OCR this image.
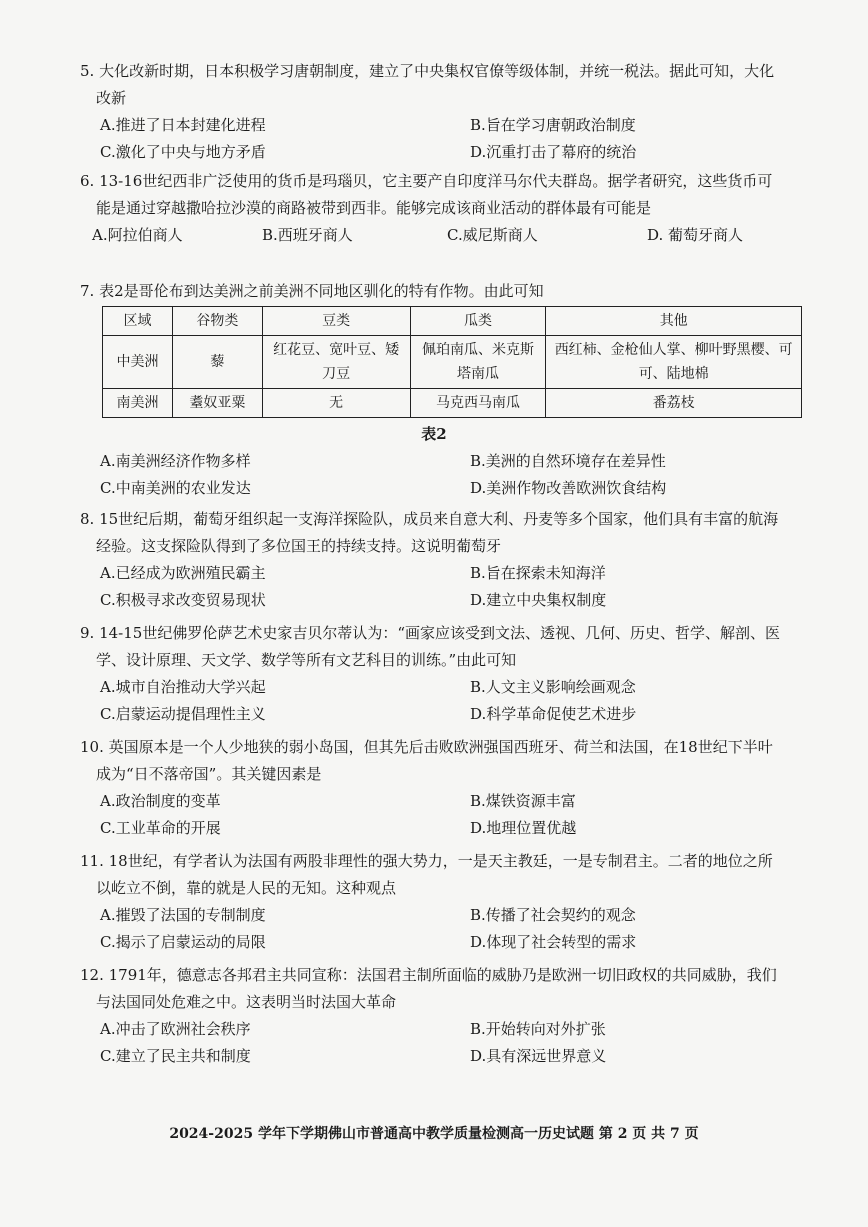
5. 大化改新时期，日本积极学习唐朝制度，建立了中央集权官僚等级体制，并统一税法。据此可知，大化改新

A.推进了日本封建化进程	B.旨在学习唐朝政治制度
C.激化了中央与地方矛盾	D.沉重打击了幕府的统治

6. 13-16世纪西非广泛使用的货币是玛瑙贝，它主要产自印度洋马尔代夫群岛。据学者研究，这些货币可能是通过穿越撒哈拉沙漠的商路被带到西非。能够完成该商业活动的群体最有可能是

A.阿拉伯商人	B.西班牙商人	C.威尼斯商人	D. 葡萄牙商人

7. 表2是哥伦布到达美洲之前美洲不同地区驯化的特有作物。由此可知

区域	谷物类	豆类	瓜类	其他
中美洲	藜	红花豆、宽叶豆、矮刀豆	佩珀南瓜、米克斯塔南瓜	西红柿、金枪仙人掌、柳叶野黑樱、可可、陆地棉
南美洲	耋奴亚粟	无	马克西马南瓜	番荔枝
表2
A.南美洲经济作物多样	B.美洲的自然环境存在差异性
C.中南美洲的农业发达	D.美洲作物改善欧洲饮食结构

8. 15世纪后期，葡萄牙组织起一支海洋探险队，成员来自意大利、丹麦等多个国家，他们具有丰富的航海经验。这支探险队得到了多位国王的持续支持。这说明葡萄牙

A.已经成为欧洲殖民霸主	B.旨在探索未知海洋
C.积极寻求改变贸易现状	D.建立中央集权制度

9. 14-15世纪佛罗伦萨艺术史家吉贝尔蒂认为：“画家应该受到文法、透视、几何、历史、哲学、解剖、医学、设计原理、天文学、数学等所有文艺科目的训练。”由此可知

A.城市自治推动大学兴起	B.人文主义影响绘画观念
C.启蒙运动提倡理性主义	D.科学革命促使艺术进步

10. 英国原本是一个人少地狭的弱小岛国，但其先后击败欧洲强国西班牙、荷兰和法国，在18世纪下半叶成为“日不落帝国”。其关键因素是

A.政治制度的变革	B.煤铁资源丰富
C.工业革命的开展	D.地理位置优越

11. 18世纪，有学者认为法国有两股非理性的强大势力，一是天主教廷，一是专制君主。二者的地位之所以屹立不倒，靠的就是人民的无知。这种观点

A.摧毁了法国的专制制度	B.传播了社会契约的观念
C.揭示了启蒙运动的局限	D.体现了社会转型的需求

12. 1791年，德意志各邦君主共同宣称：法国君主制所面临的威胁乃是欧洲一切旧政权的共同威胁，我们与法国同处危难之中。这表明当时法国大革命

A.冲击了欧洲社会秩序	B.开始转向对外扩张
C.建立了民主共和制度	D.具有深远世界意义
2024-2025 学年下学期佛山市普通高中教学质量检测高一历史试题 第 2 页 共 7 页
